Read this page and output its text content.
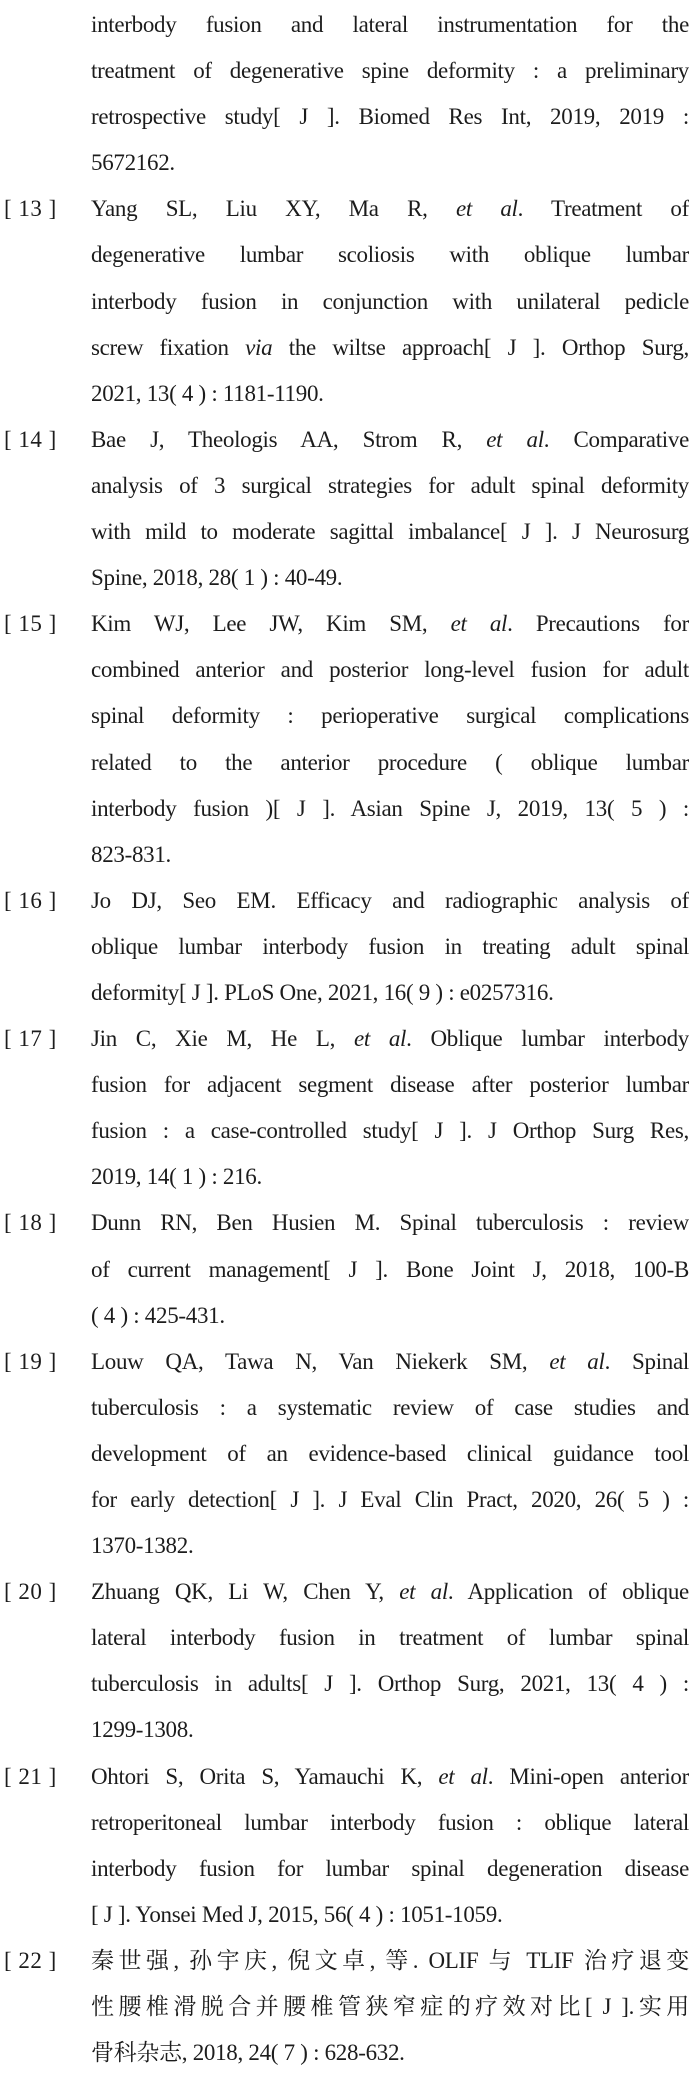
interbody fusion and lateral instrumentation for the
treatment of degenerative spine deformity : a preliminary
retrospective study[ J ]. Biomed Res Int, 2019, 2019 :
5672162.
[ 13 ] Yang SL, Liu XY, Ma R, et al. Treatment of
degenerative lumbar scoliosis with oblique lumbar
interbody fusion in conjunction with unilateral pedicle
screw fixation via the wiltse approach[ J ]. Orthop Surg,
2021, 13( 4 ) : 1181-1190.
[ 14 ] Bae J, Theologis AA, Strom R, et al. Comparative
analysis of 3 surgical strategies for adult spinal deformity
with mild to moderate sagittal imbalance[ J ]. J Neurosurg
Spine, 2018, 28( 1 ) : 40-49.
[ 15 ] Kim WJ, Lee JW, Kim SM, et al. Precautions for
combined anterior and posterior long-level fusion for adult
spinal deformity : perioperative surgical complications
related to the anterior procedure ( oblique lumbar
interbody fusion )[ J ]. Asian Spine J, 2019, 13( 5 ) :
823-831.
[ 16 ] Jo DJ, Seo EM. Efficacy and radiographic analysis of
oblique lumbar interbody fusion in treating adult spinal
deformity[ J ]. PLoS One, 2021, 16( 9 ) : e0257316.
[ 17 ] Jin C, Xie M, He L, et al. Oblique lumbar interbody
fusion for adjacent segment disease after posterior lumbar
fusion : a case-controlled study[ J ]. J Orthop Surg Res,
2019, 14( 1 ) : 216.
[ 18 ] Dunn RN, Ben Husien M. Spinal tuberculosis : review
of current management[ J ]. Bone Joint J, 2018, 100-B
( 4 ) : 425-431.
[ 19 ] Louw QA, Tawa N, Van Niekerk SM, et al. Spinal
tuberculosis : a systematic review of case studies and
development of an evidence-based clinical guidance tool
for early detection[ J ]. J Eval Clin Pract, 2020, 26( 5 ) :
1370-1382.
[ 20 ] Zhuang QK, Li W, Chen Y, et al. Application of oblique
lateral interbody fusion in treatment of lumbar spinal
tuberculosis in adults[ J ]. Orthop Surg, 2021, 13( 4 ) :
1299-1308.
[ 21 ] Ohtori S, Orita S, Yamauchi K, et al. Mini-open anterior
retroperitoneal lumbar interbody fusion : oblique lateral
interbody fusion for lumbar spinal degeneration disease
[ J ]. Yonsei Med J, 2015, 56( 4 ) : 1051-1059.
[ 22 ] 秦世强, 孙宇庆, 倪文卓, 等. OLIF 与 TLIF 治疗退变
性腰椎滑脱合并腰椎管狭窄症的疗效对比[ J ].实用
骨科杂志, 2018, 24( 7 ) : 628-632.
